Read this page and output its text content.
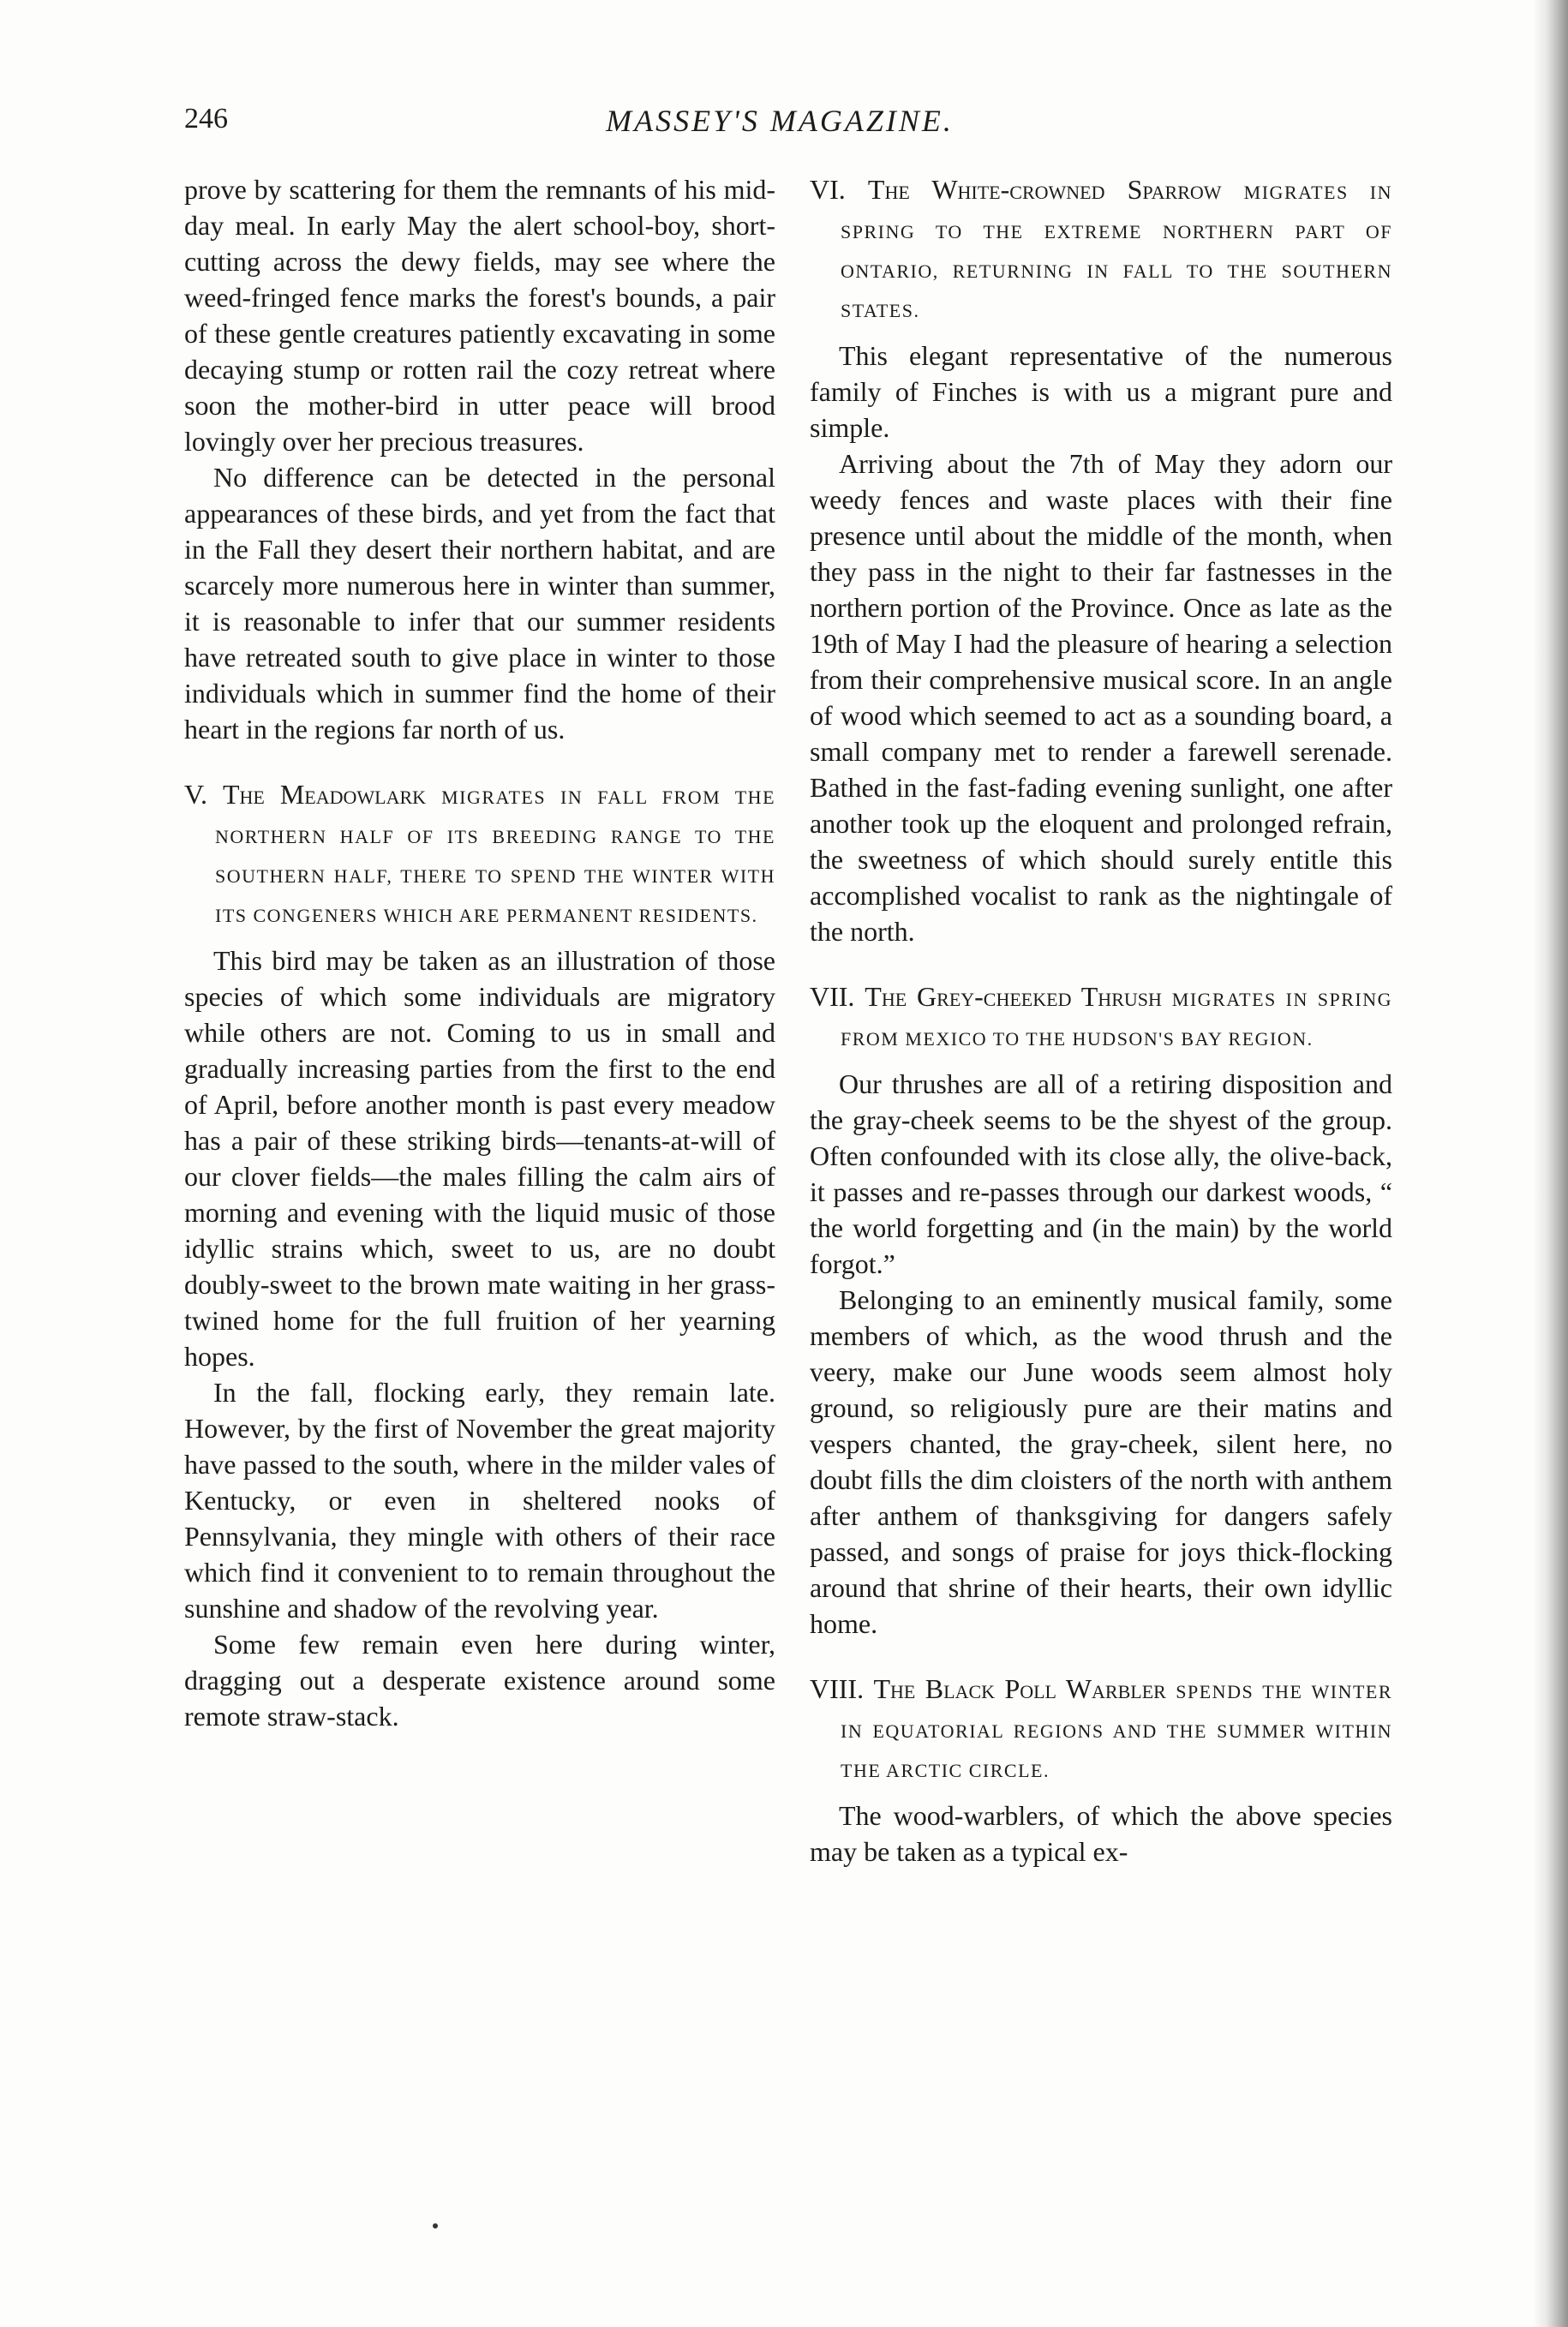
246	MASSEY'S MAGAZINE.

prove by scattering for them the remnants of his mid-day meal. In early May the alert school-boy, short-cutting across the dewy fields, may see where the weed-fringed fence marks the forest's bounds, a pair of these gentle creatures patiently excavating in some decaying stump or rotten rail the cozy retreat where soon the mother-bird in utter peace will brood lovingly over her precious treasures.

No difference can be detected in the personal appearances of these birds, and yet from the fact that in the Fall they desert their northern habitat, and are scarcely more numerous here in winter than summer, it is reasonable to infer that our summer residents have retreated south to give place in winter to those individuals which in summer find the home of their heart in the regions far north of us.

V. The Meadowlark MIGRATES IN FALL FROM THE NORTHERN HALF OF ITS BREEDING RANGE TO THE SOUTHERN HALF, THERE TO SPEND THE WINTER WITH ITS CONGENERS WHICH ARE PERMANENT RESIDENTS.

This bird may be taken as an illustration of those species of which some individuals are migratory while others are not. Coming to us in small and gradually increasing parties from the first to the end of April, before another month is past every meadow has a pair of these striking birds—tenants-at-will of our clover fields—the males filling the calm airs of morning and evening with the liquid music of those idyllic strains which, sweet to us, are no doubt doubly-sweet to the brown mate waiting in her grass-twined home for the full fruition of her yearning hopes.

In the fall, flocking early, they remain late. However, by the first of November the great majority have passed to the south, where in the milder vales of Kentucky, or even in sheltered nooks of Pennsylvania, they mingle with others of their race which find it convenient to to remain throughout the sunshine and shadow of the revolving year.

Some few remain even here during winter, dragging out a desperate existence around some remote straw-stack.

VI. The White-crowned Sparrow MIGRATES IN SPRING TO THE EXTREME NORTHERN PART OF ONTARIO, RETURNING IN FALL TO THE SOUTHERN STATES.

This elegant representative of the numerous family of Finches is with us a migrant pure and simple.

Arriving about the 7th of May they adorn our weedy fences and waste places with their fine presence until about the middle of the month, when they pass in the night to their far fastnesses in the northern portion of the Province. Once as late as the 19th of May I had the pleasure of hearing a selection from their comprehensive musical score. In an angle of wood which seemed to act as a sounding board, a small company met to render a farewell serenade. Bathed in the fast-fading evening sunlight, one after another took up the eloquent and prolonged refrain, the sweetness of which should surely entitle this accomplished vocalist to rank as the nightingale of the north.

VII. The Grey-cheeked Thrush MIGRATES IN SPRING FROM MEXICO TO THE HUDSON'S BAY REGION.

Our thrushes are all of a retiring disposition and the gray-cheek seems to be the shyest of the group. Often confounded with its close ally, the olive-back, it passes and re-passes through our darkest woods, “ the world forgetting and (in the main) by the world forgot.”

Belonging to an eminently musical family, some members of which, as the wood thrush and the veery, make our June woods seem almost holy ground, so religiously pure are their matins and vespers chanted, the gray-cheek, silent here, no doubt fills the dim cloisters of the north with anthem after anthem of thanksgiving for dangers safely passed, and songs of praise for joys thick-flocking around that shrine of their hearts, their own idyllic home.

VIII. The Black Poll Warbler SPENDS THE WINTER IN EQUATORIAL REGIONS AND THE SUMMER WITHIN THE ARCTIC CIRCLE.

The wood-warblers, of which the above species may be taken as a typical ex-
